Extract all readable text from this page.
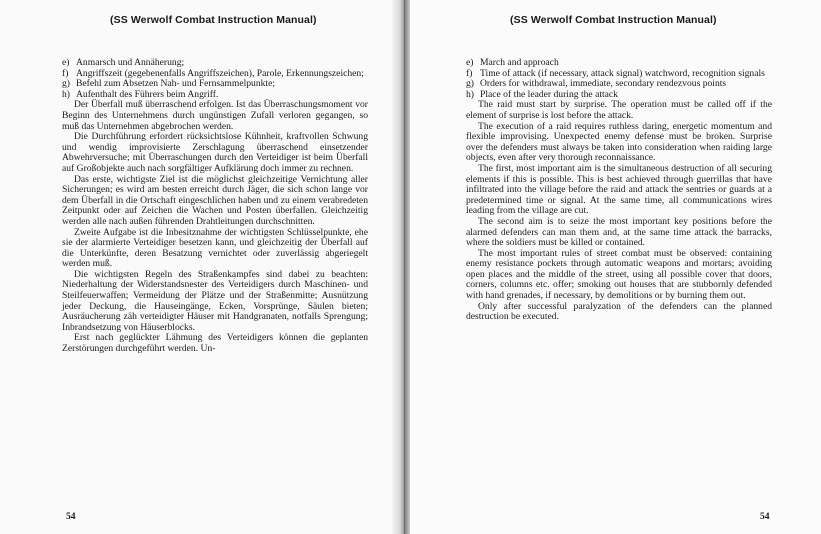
(SS Werwolf Combat Instruction Manual)
e) Anmarsch und Annäherung;
f) Angriffszeit (gegebenenfalls Angriffszeichen), Parole, Erkennungszeichen;
g) Befehl zum Absetzen Nah- und Fernsammelpunkte;
h) Aufenthalt des Führers beim Angriff.

Der Überfall muß überraschend erfolgen. Ist das Überraschungsmoment vor Beginn des Unternehmens durch ungünstigen Zufall verloren gegangen, so muß das Unternehmen abgebrochen werden.

Die Durchführung erfordert rücksichtslose Kühnheit, kraftvollen Schwung und wendig improvisierte Zerschlagung überraschend einsetzender Abwehrversuche; mit Überraschungen durch den Verteidiger ist beim Überfall auf Großobjekte auch nach sorgfältiger Aufklärung doch immer zu rechnen.

Das erste, wichtigste Ziel ist die möglichst gleichzeitige Vernichtung aller Sicherungen; es wird am besten erreicht durch Jäger, die sich schon lange vor dem Überfall in die Ortschaft eingeschlichen haben und zu einem verabredeten Zeitpunkt oder auf Zeichen die Wachen und Posten überfallen. Gleichzeitig werden alle nach außen führenden Drahtleitungen durchschnitten.

Zweite Aufgabe ist die Inbesitznahme der wichtigsten Schlüsselpunkte, ehe sie der alarmierte Verteidiger besetzen kann, und gleichzeitig der Überfall auf die Unterkünfte, deren Besatzung vernichtet oder zuverlässig abgeriegelt werden muß.

Die wichtigsten Regeln des Straßenkampfes sind dabei zu beachten: Niederhaltung der Widerstandsnester des Verteidigers durch Maschinen- und Steilfeuerwaffen; Vermeidung der Plätze und der Straßenmitte; Ausnützung jeder Deckung, die Hauseingänge, Ecken, Vorsprünge, Säulen bieten; Ausräucherung zäh verteidigter Häuser mit Handgranaten, notfalls Sprengung; Inbrandsetzung von Häuserblocks.

Erst nach geglückter Lähmung des Verteidigers können die geplanten Zerstörungen durchgeführt werden. Un-

54
(SS Werwolf Combat Instruction Manual)
e) March and approach
f) Time of attack (if necessary, attack signal) watchword, recognition signals
g) Orders for withdrawal, immediate, secondary rendezvous points
h) Place of the leader during the attack

The raid must start by surprise. The operation must be called off if the element of surprise is lost before the attack.

The execution of a raid requires ruthless daring, energetic momentum and flexible improvising. Unexpected enemy defense must be broken. Surprise over the defenders must always be taken into consideration when raiding large objects, even after very thorough reconnaissance.

The first, most important aim is the simultaneous destruction of all securing elements if this is possible. This is best achieved through guerrillas that have infiltrated into the village before the raid and attack the sentries or guards at a predetermined time or signal. At the same time, all communications wires leading from the village are cut.

The second aim is to seize the most important key positions before the alarmed defenders can man them and, at the same time attack the barracks, where the soldiers must be killed or contained.

The most important rules of street combat must be observed: containing enemy resistance pockets through automatic weapons and mortars; avoiding open places and the middle of the street, using all possible cover that doors, corners, columns etc. offer; smoking out houses that are stubbornly defended with hand grenades, if necessary, by demolitions or by burning them out.

Only after successful paralyzation of the defenders can the planned destruction be executed.

54
